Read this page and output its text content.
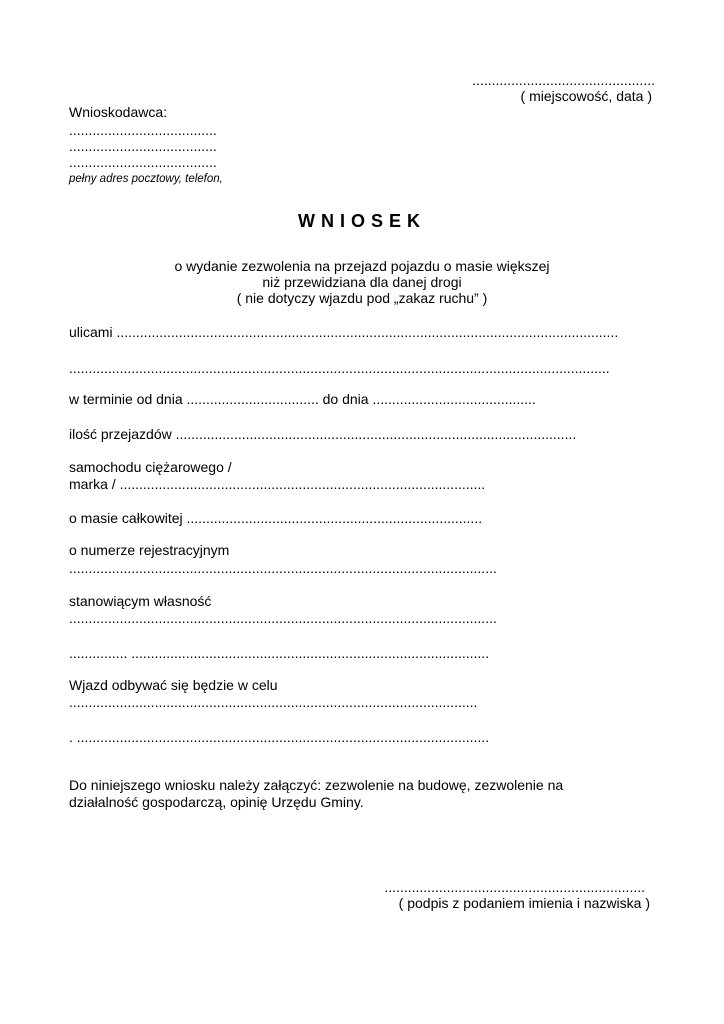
...............................................
( miejscowość, data )
Wnioskodawca:
......................................
......................................
......................................
pełny adres pocztowy, telefon,
WNIOSEK
o wydanie zezwolenia na przejazd pojazdu o masie większej
niż przewidziana dla danej drogi
( nie dotyczy wjazdu pod „zakaz ruchu” )
ulicami .................................................................................................................................
...........................................................................................................................................
w terminie od dnia .................................. do dnia ..........................................
ilość przejazdów .......................................................................................................
samochodu ciężarowego /
marka / ..............................................................................................
o masie całkowitej ............................................................................
o numerze rejestracyjnym
..............................................................................................................
stanowiącym własność
..............................................................................................................
............... ............................................................................................
Wjazd odbywać się będzie w celu
.........................................................................................................
. ..........................................................................................................
Do niniejszego wniosku należy załączyć: zezwolenie na budowę, zezwolenie na
działalność gospodarczą, opinię Urzędu Gminy.
...................................................................
( podpis z podaniem imienia i nazwiska )
